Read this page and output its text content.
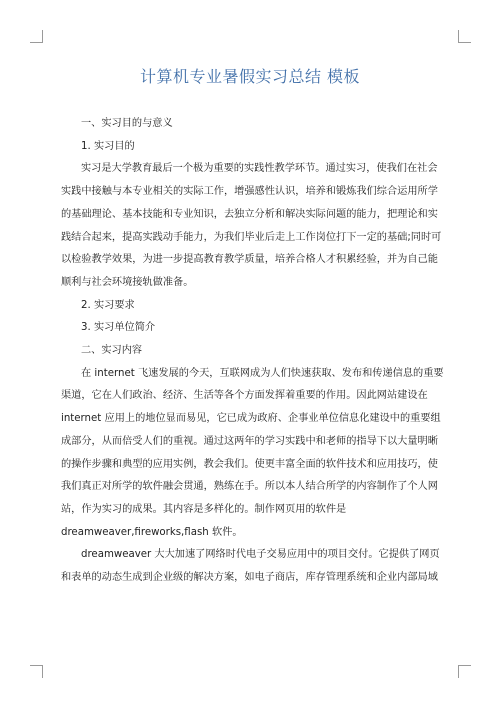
计算机专业暑假实习总结 模板
一、实习目的与意义
1. 实习目的

实习是大学教育最后一个极为重要的实践性教学环节。通过实习，使我们在社会
实践中接触与本专业相关的实际工作，增强感性认识，培养和锻炼我们综合运用所学
的基础理论、基本技能和专业知识，去独立分析和解决实际问题的能力，把理论和实
践结合起来，提高实践动手能力，为我们毕业后走上工作岗位打下一定的基础;同时可
以检验教学效果，为进一步提高教育教学质量，培养合格人才积累经验，并为自己能
顺利与社会环境接轨做准备。

2. 实习要求
3. 实习单位简介
二、实习内容

在 internet 飞速发展的今天，互联网成为人们快速获取、发布和传递信息的重要
渠道，它在人们政治、经济、生活等各个方面发挥着重要的作用。因此网站建设在
internet 应用上的地位显而易见，它已成为政府、企事业单位信息化建设中的重要组
成部分，从而倍受人们的重视。通过这两年的学习实践中和老师的指导下以大量明晰
的操作步骤和典型的应用实例，教会我们。使更丰富全面的软件技术和应用技巧，使
我们真正对所学的软件融会贯通，熟练在手。所以本人结合所学的内容制作了个人网
站，作为实习的成果。其内容是多样化的。制作网页用的软件是
dreamweaver,fireworks,flash 软件。

dreamweaver 大大加速了网络时代电子交易应用中的项目交付。它提供了网页
和表单的动态生成到企业级的解决方案，如电子商店，库存管理系统和企业内部局域
